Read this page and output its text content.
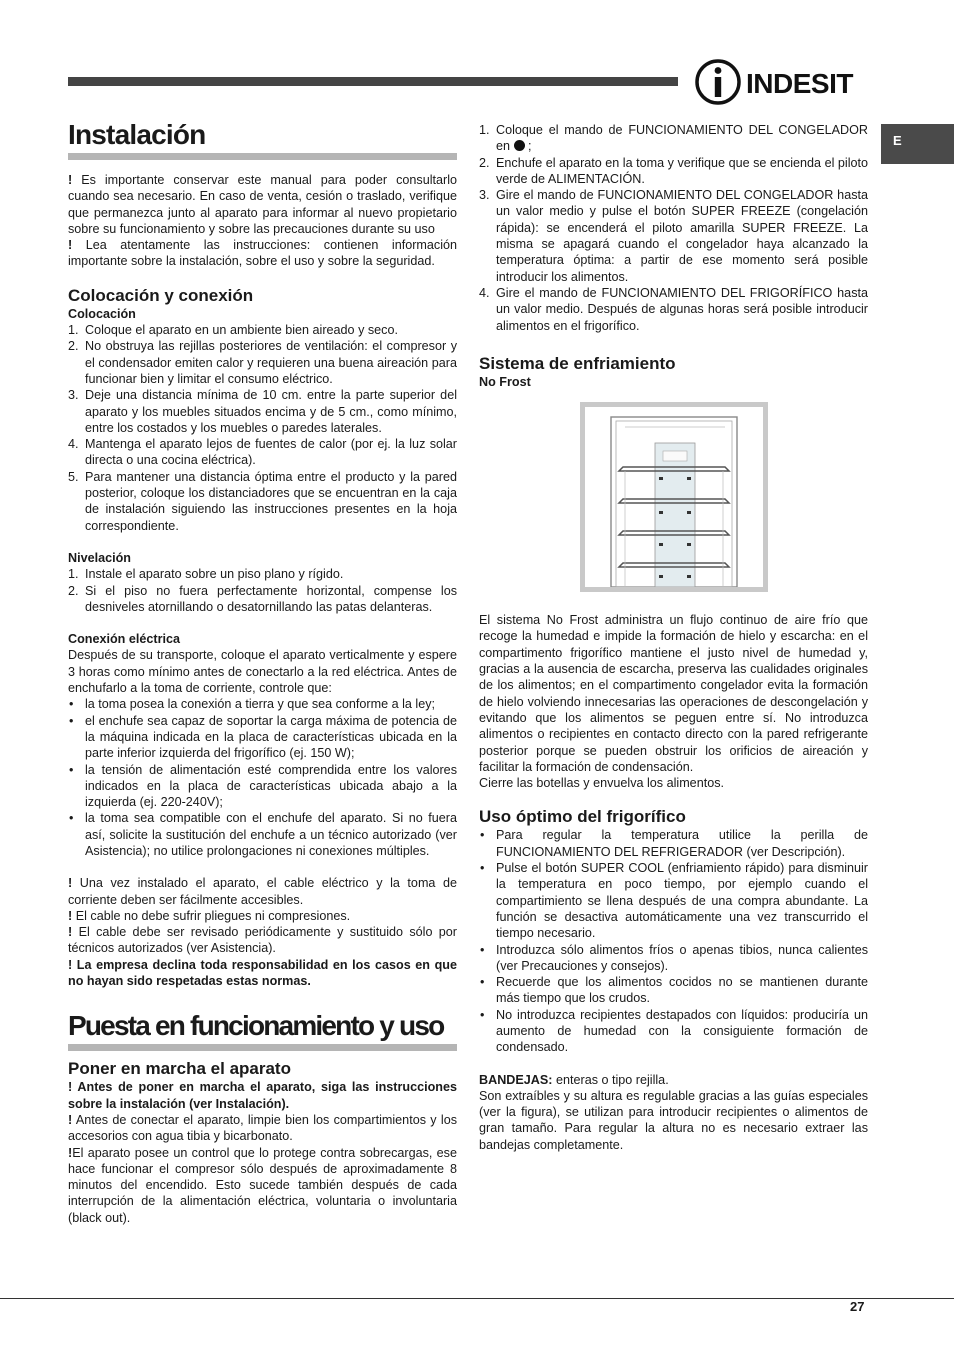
INDESIT
E
Instalación

! Es importante conservar este manual para poder consultarlo cuando sea necesario. En caso de venta, cesión o traslado, verifique que permanezca junto al aparato para informar al nuevo propietario sobre su funcionamiento y sobre las precauciones durante su uso

! Lea atentamente las instrucciones: contienen información importante sobre la instalación, sobre el uso y sobre la seguridad.

Colocación y conexión
Colocación
1. Coloque el aparato en un ambiente bien aireado y seco.
2. No obstruya las rejillas posteriores de ventilación: el compresor y el condensador emiten calor y requieren una buena aireación para funcionar bien y limitar el consumo eléctrico.
3. Deje una distancia mínima de 10 cm. entre la parte superior del aparato y los muebles situados encima y de 5 cm., como mínimo, entre los costados y los muebles o paredes laterales.
4. Mantenga el aparato lejos de fuentes de calor (por ej. la luz solar directa o una cocina eléctrica).
5. Para mantener una distancia óptima entre el producto y la pared posterior, coloque los distanciadores que se encuentran en la caja de instalación siguiendo las instrucciones presentes en la hoja correspondiente.
Nivelación
1. Instale el aparato sobre un piso plano y rígido.
2. Si el piso no fuera perfectamente horizontal, compense los desniveles atornillando o desatornillando las patas delanteras.
Conexión eléctrica

Después de su transporte, coloque el aparato verticalmente y espere 3 horas como mínimo antes de conectarlo a la red eléctrica. Antes de enchufarlo a la toma de corriente, controle que:

• la toma posea la conexión a tierra y que sea conforme a la ley;
• el enchufe sea capaz de soportar la carga máxima de potencia de la máquina indicada en la placa de características ubicada en la parte inferior izquierda del frigorífico (ej. 150 W);
• la tensión de alimentación esté comprendida entre los valores indicados en la placa de características ubicada abajo a la izquierda (ej. 220-240V);
• la toma sea compatible con el enchufe del aparato. Si no fuera así, solicite la sustitución del enchufe a un técnico autorizado (ver Asistencia); no utilice prolongaciones ni conexiones múltiples.

! Una vez instalado el aparato, el cable eléctrico y la toma de corriente deben ser fácilmente accesibles.

! El cable no debe sufrir pliegues ni compresiones.

! El cable debe ser revisado periódicamente y sustituido sólo por técnicos autorizados (ver Asistencia).

! La empresa declina toda responsabilidad en los casos en que no hayan sido respetadas estas normas.

Puesta en funcionamiento y uso
Poner en marcha el aparato

! Antes de poner en marcha el aparato, siga las instrucciones sobre la instalación (ver Instalación).

! Antes de conectar el aparato, limpie bien los compartimientos y los accesorios con agua tibia y bicarbonato.

!El aparato posee un control que lo protege contra sobrecargas, ese hace funcionar el compresor sólo después de aproximadamente 8 minutos del encendido. Esto sucede también después de cada interrupción de la alimentación eléctrica, voluntaria o involuntaria (black out).

1. Coloque el mando de FUNCIONAMIENTO DEL CONGELADOR en  ;
2. Enchufe el aparato en la toma y verifique que se encienda el piloto verde de ALIMENTACIÓN.
3. Gire el mando de FUNCIONAMIENTO DEL CONGELADOR hasta un valor medio y pulse el botón SUPER FREEZE (congelación rápida): se encenderá el piloto amarilla SUPER FREEZE. La misma se apagará cuando el congelador haya alcanzado la temperatura óptima: a partir de ese momento será posible introducir los alimentos.
4. Gire el mando de FUNCIONAMIENTO DEL FRIGORÍFICO hasta un valor medio. Después de algunas horas será posible introducir alimentos en el frigorífico.
Sistema de enfriamiento
No Frost

El sistema No Frost administra un flujo continuo de aire frío que recoge la humedad e impide la formación de hielo y escarcha: en el compartimento frigorífico mantiene el justo nivel de humedad y, gracias a la ausencia de escarcha, preserva las cualidades originales de los alimentos; en el compartimento congelador evita la formación de hielo volviendo innecesarias las operaciones de descongelación y evitando que los alimentos se peguen entre sí. No introduzca alimentos o recipientes en contacto directo con la pared refrigerante posterior porque se pueden obstruir los orificios de aireación y facilitar la formación de condensación.

Cierre las botellas y envuelva los alimentos.

Uso óptimo del frigorífico
• Para regular la temperatura utilice la perilla de FUNCIONAMIENTO DEL REFRIGERADOR (ver Descripción).
• Pulse el botón SUPER COOL (enfriamiento rápido) para disminuir la temperatura en poco tiempo, por ejemplo cuando el compartimiento se llena después de una compra abundante. La función se desactiva automáticamente una vez transcurrido el tiempo necesario.
• Introduzca sólo alimentos fríos o apenas tibios, nunca calientes (ver Precauciones y consejos).
• Recuerde que los alimentos cocidos no se mantienen durante más tiempo que los crudos.
• No introduzca recipientes destapados con líquidos: produciría un aumento de humedad con la consiguiente formación de condensado.

BANDEJAS: enteras o tipo rejilla.

Son extraíbles y su altura es regulable gracias a las guías especiales (ver la figura), se utilizan para introducir recipientes o alimentos de gran tamaño. Para regular la altura no es necesario extraer las bandejas completamente.

27
